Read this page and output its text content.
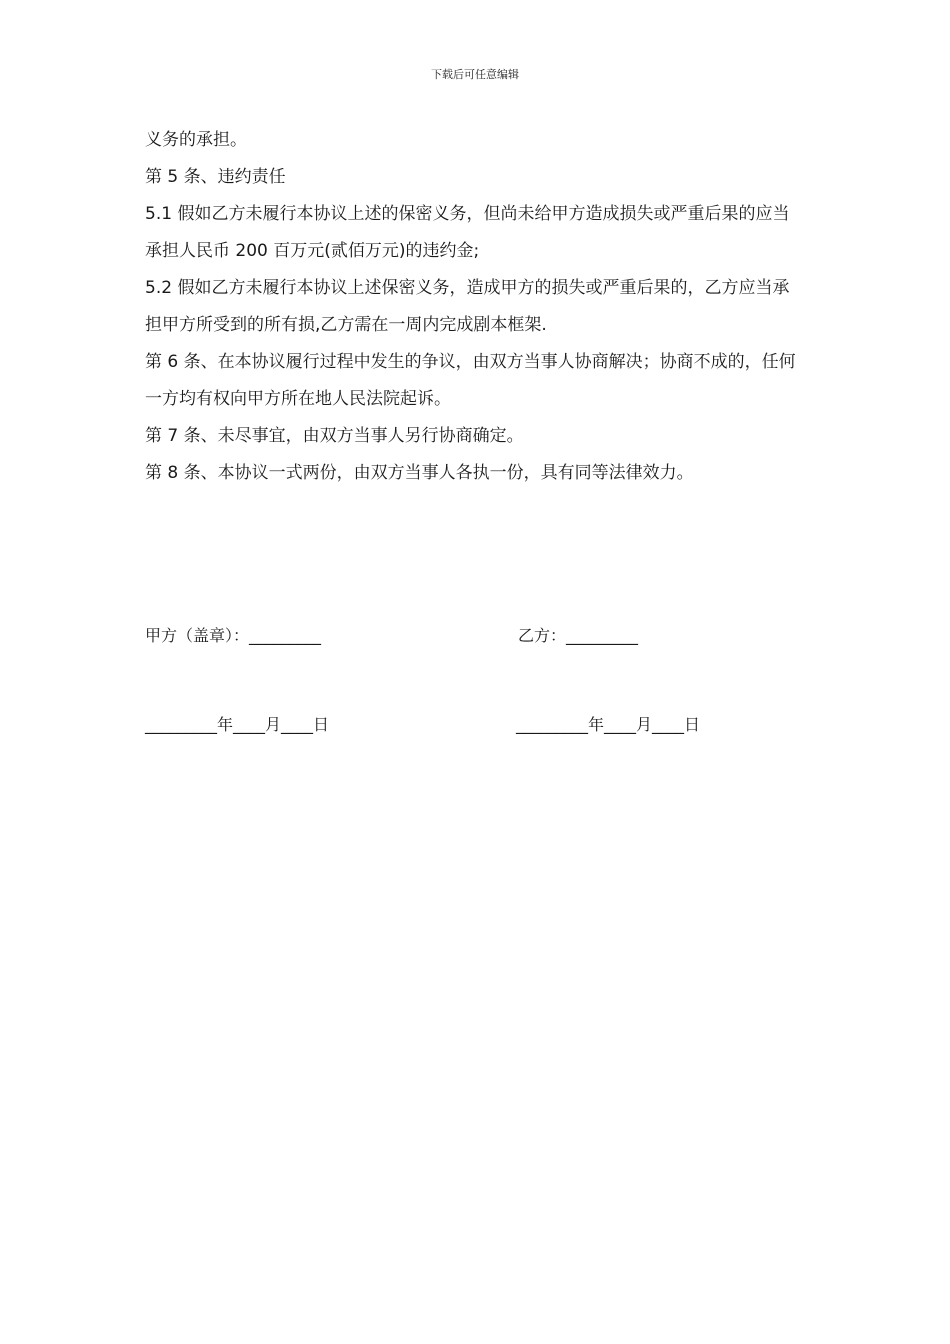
下载后可任意编辑

义务的承担。

第 5 条、违约责任

5.1 假如乙方未履行本协议上述的保密义务，但尚未给甲方造成损失或严重后果的应当承担人民币 200 百万元(贰佰万元)的违约金;

5.2 假如乙方未履行本协议上述保密义务，造成甲方的损失或严重后果的，乙方应当承担甲方所受到的所有损,乙方需在一周内完成剧本框架.

第 6 条、在本协议履行过程中发生的争议，由双方当事人协商解决；协商不成的，任何一方均有权向甲方所在地人民法院起诉。

第 7 条、未尽事宜，由双方当事人另行协商确定。

第 8 条、本协议一式两份，由双方当事人各执一份，具有同等法律效力。

甲方（盖章）：_________	乙方：_________
_________年____月____日	_________年____月____日
